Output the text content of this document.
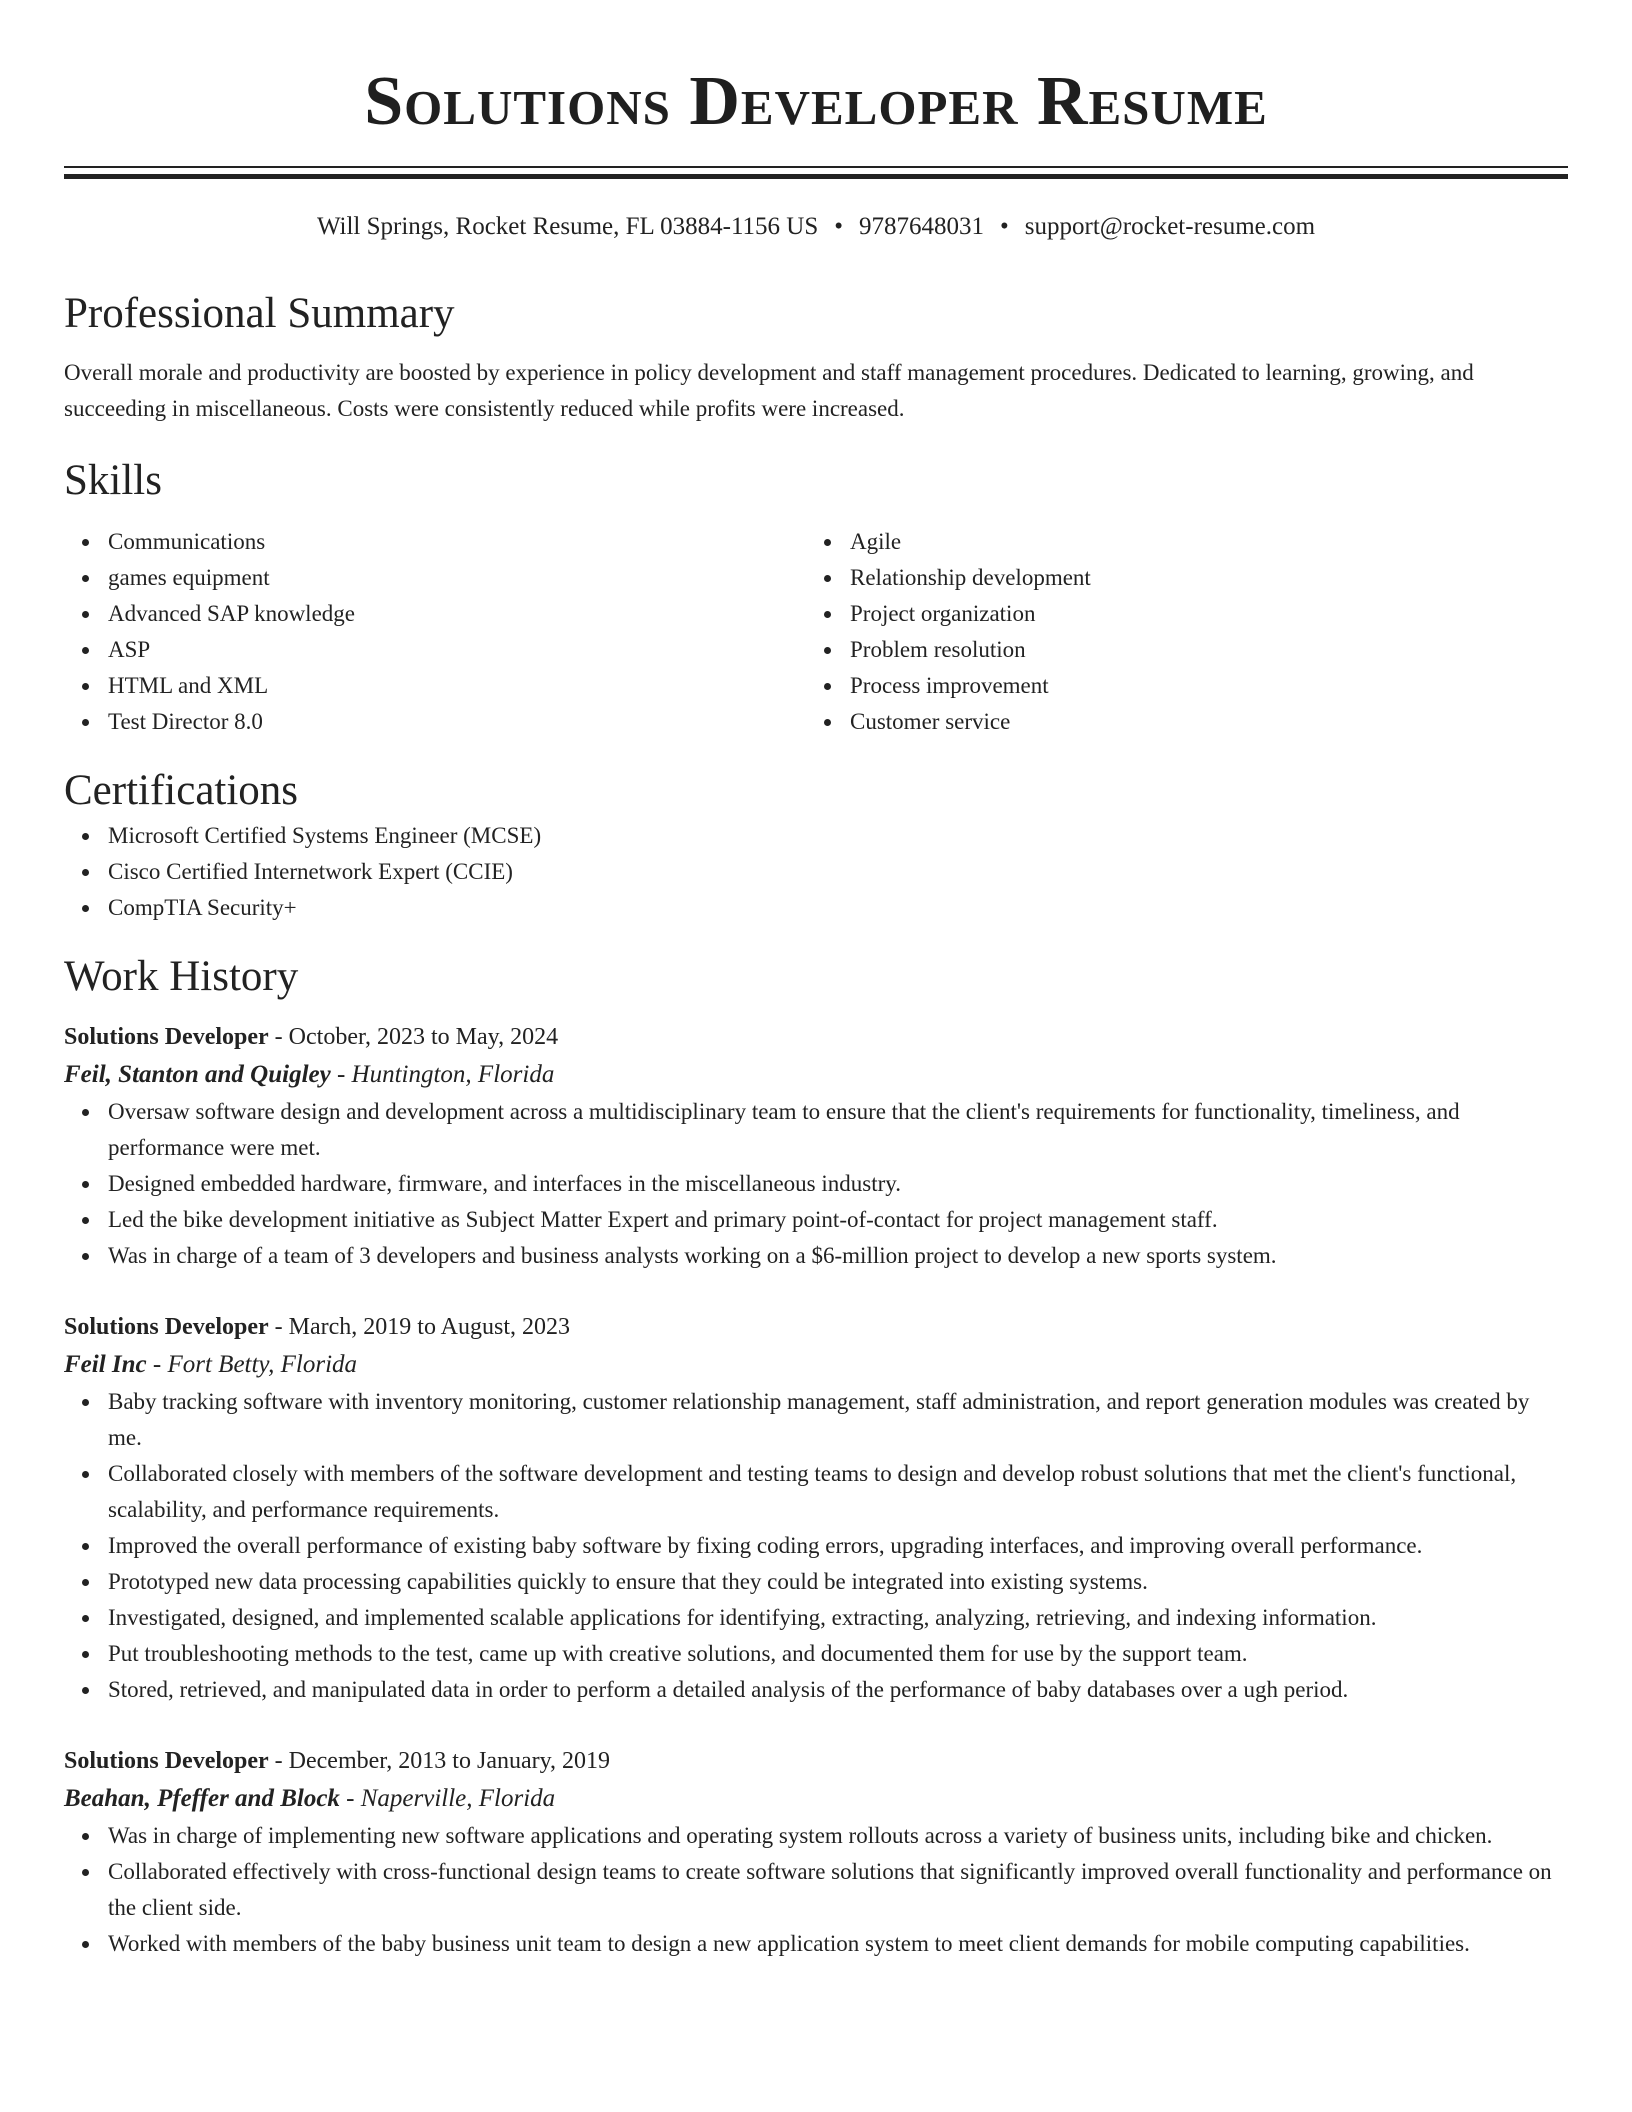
Solutions Developer Resume
Will Springs, Rocket Resume, FL 03884-1156 US • 9787648031 • support@rocket-resume.com
Professional Summary

Overall morale and productivity are boosted by experience in policy development and staff management procedures. Dedicated to learning, growing, and succeeding in miscellaneous. Costs were consistently reduced while profits were increased.

Skills
Communications
games equipment
Advanced SAP knowledge
ASP
HTML and XML
Test Director 8.0
Agile
Relationship development
Project organization
Problem resolution
Process improvement
Customer service
Certifications
Microsoft Certified Systems Engineer (MCSE)
Cisco Certified Internetwork Expert (CCIE)
CompTIA Security+
Work History
Solutions Developer - October, 2023 to May, 2024
Feil, Stanton and Quigley - Huntington, Florida
Oversaw software design and development across a multidisciplinary team to ensure that the client's requirements for functionality, timeliness, and performance were met.
Designed embedded hardware, firmware, and interfaces in the miscellaneous industry.
Led the bike development initiative as Subject Matter Expert and primary point-of-contact for project management staff.
Was in charge of a team of 3 developers and business analysts working on a $6-million project to develop a new sports system.
Solutions Developer - March, 2019 to August, 2023
Feil Inc - Fort Betty, Florida
Baby tracking software with inventory monitoring, customer relationship management, staff administration, and report generation modules was created by me.
Collaborated closely with members of the software development and testing teams to design and develop robust solutions that met the client's functional, scalability, and performance requirements.
Improved the overall performance of existing baby software by fixing coding errors, upgrading interfaces, and improving overall performance.
Prototyped new data processing capabilities quickly to ensure that they could be integrated into existing systems.
Investigated, designed, and implemented scalable applications for identifying, extracting, analyzing, retrieving, and indexing information.
Put troubleshooting methods to the test, came up with creative solutions, and documented them for use by the support team.
Stored, retrieved, and manipulated data in order to perform a detailed analysis of the performance of baby databases over a ugh period.
Solutions Developer - December, 2013 to January, 2019
Beahan, Pfeffer and Block - Naperville, Florida
Was in charge of implementing new software applications and operating system rollouts across a variety of business units, including bike and chicken.
Collaborated effectively with cross-functional design teams to create software solutions that significantly improved overall functionality and performance on the client side.
Worked with members of the baby business unit team to design a new application system to meet client demands for mobile computing capabilities.
